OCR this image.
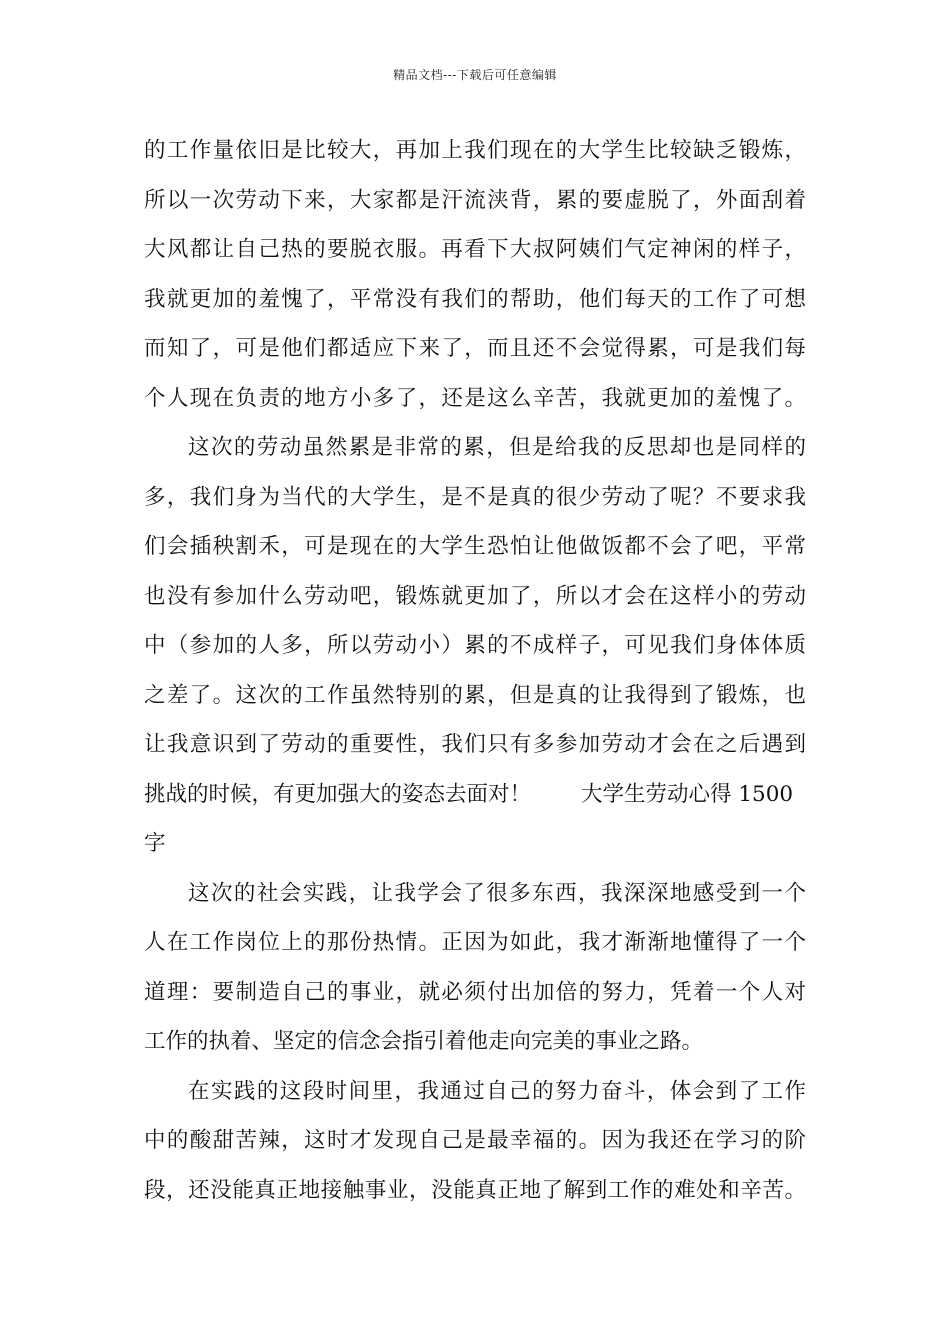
精品文档---下载后可任意编辑
的工作量依旧是比较大，再加上我们现在的大学生比较缺乏锻炼，
所以一次劳动下来，大家都是汗流浃背，累的要虚脱了，外面刮着
大风都让自己热的要脱衣服。再看下大叔阿姨们气定神闲的样子，
我就更加的羞愧了，平常没有我们的帮助，他们每天的工作了可想
而知了，可是他们都适应下来了，而且还不会觉得累，可是我们每
个人现在负责的地方小多了，还是这么辛苦，我就更加的羞愧了。
这次的劳动虽然累是非常的累，但是给我的反思却也是同样的
多，我们身为当代的大学生，是不是真的很少劳动了呢？不要求我
们会插秧割禾，可是现在的大学生恐怕让他做饭都不会了吧，平常
也没有参加什么劳动吧，锻炼就更加了，所以才会在这样小的劳动
中（参加的人多，所以劳动小）累的不成样子，可见我们身体体质
之差了。这次的工作虽然特别的累，但是真的让我得到了锻炼，也
让我意识到了劳动的重要性，我们只有多参加劳动才会在之后遇到
挑战的时候，有更加强大的姿态去面对！ 大学生劳动心得 1500
字
这次的社会实践，让我学会了很多东西，我深深地感受到一个
人在工作岗位上的那份热情。正因为如此，我才渐渐地懂得了一个
道理：要制造自己的事业，就必须付出加倍的努力，凭着一个人对
工作的执着、坚定的信念会指引着他走向完美的事业之路。
在实践的这段时间里，我通过自己的努力奋斗，体会到了工作
中的酸甜苦辣，这时才发现自己是最幸福的。因为我还在学习的阶
段，还没能真正地接触事业，没能真正地了解到工作的难处和辛苦。
